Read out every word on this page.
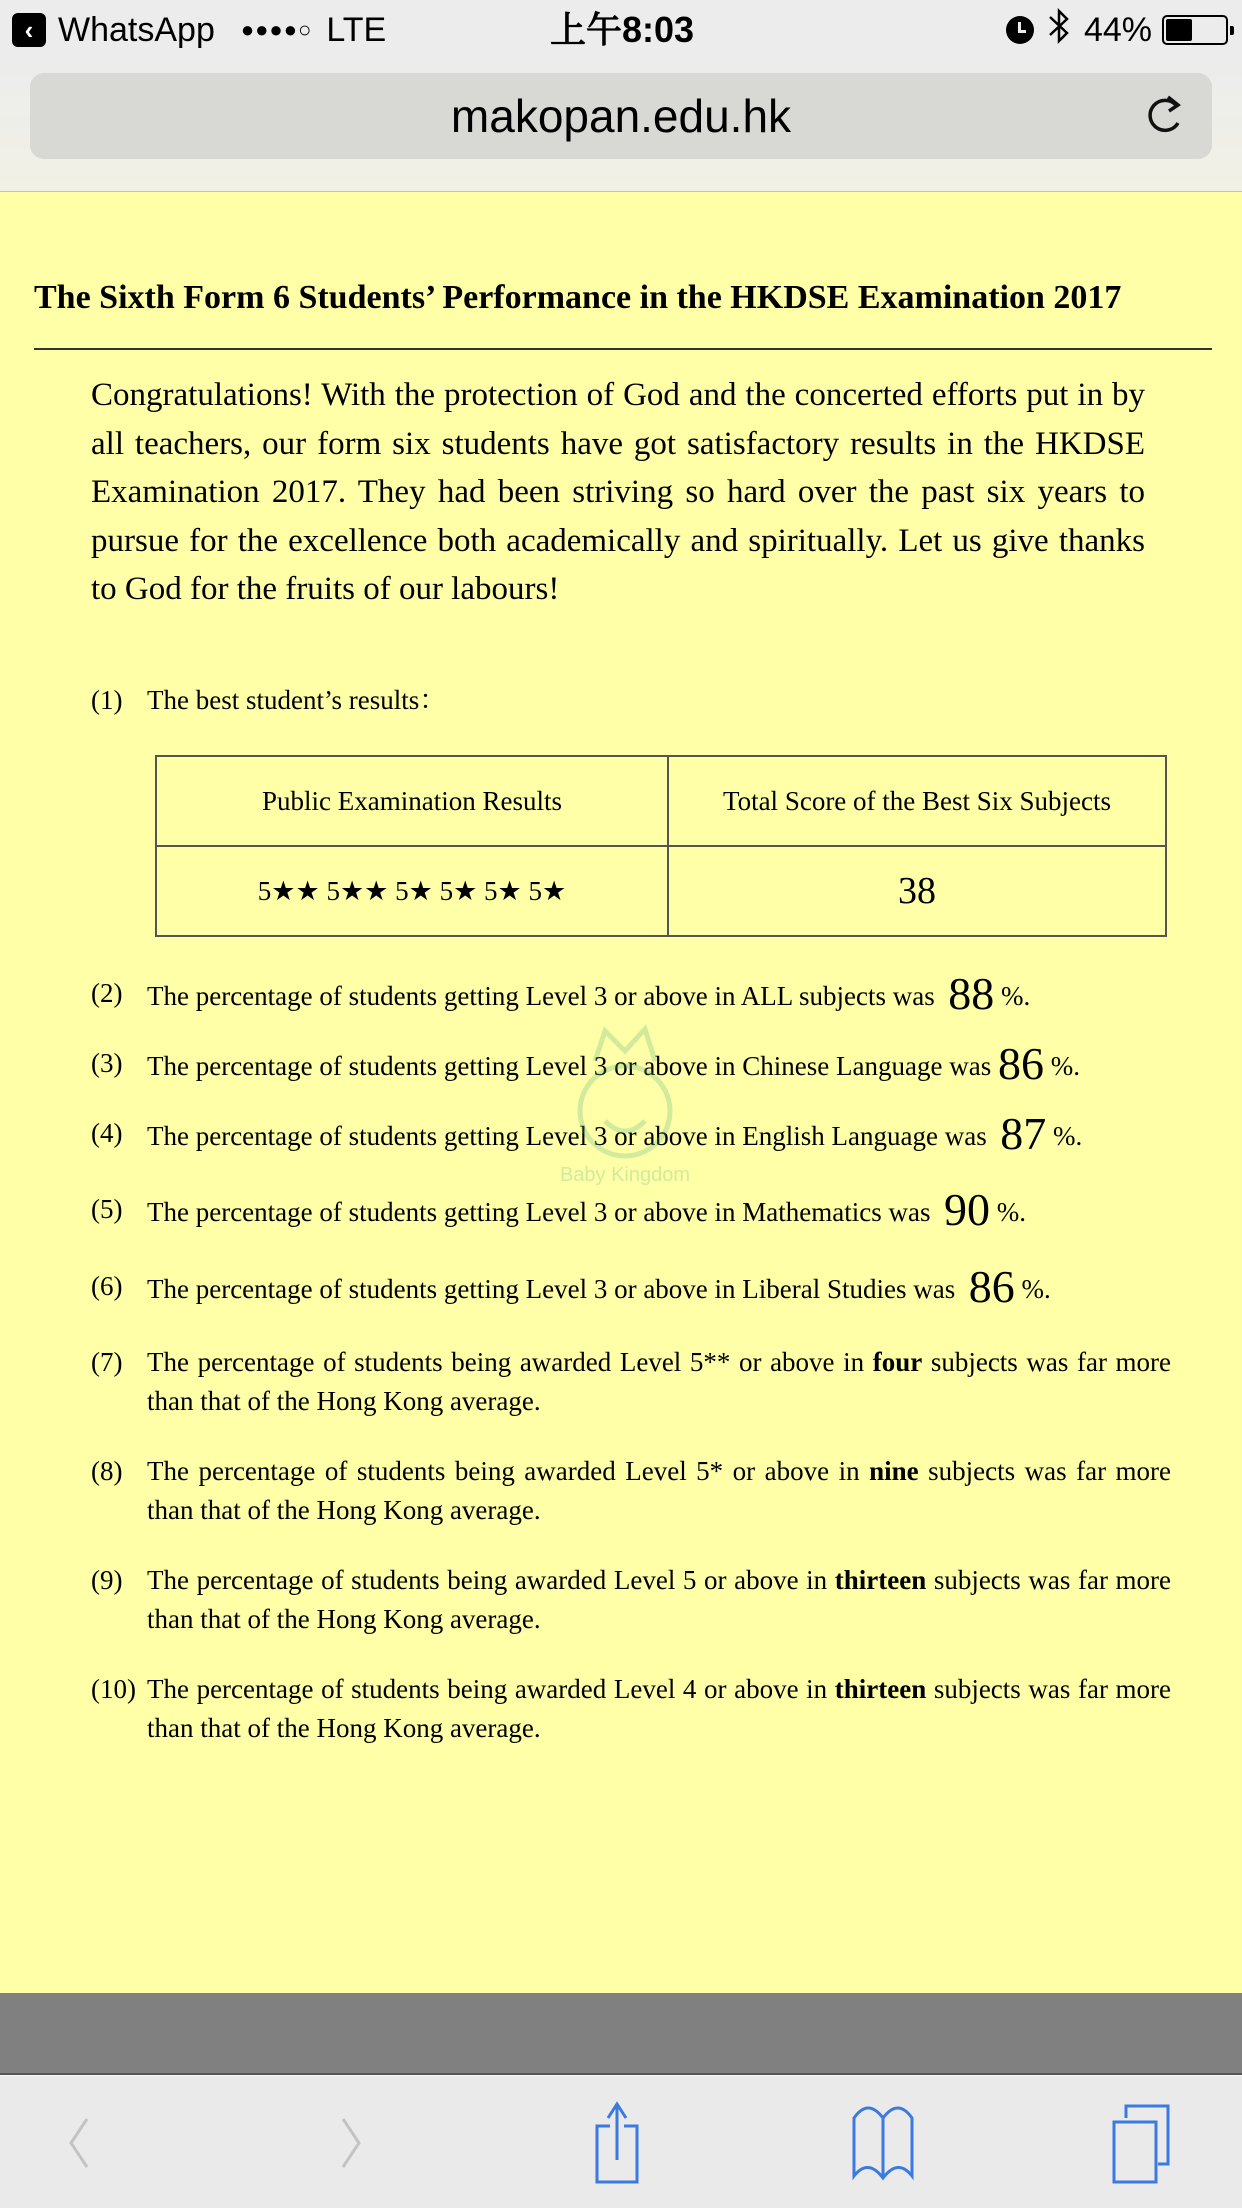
‹ WhatsApp ●●●●○ LTE	上午8:03	44%
makopan.edu.hk
The Sixth Form 6 Students’ Performance in the HKDSE Examination 2017

Congratulations! With the protection of God and the concerted efforts put in by all teachers, our form six students have got satisfactory results in the HKDSE Examination 2017. They had been striving so hard over the past six years to pursue for the excellence both academically and spiritually. Let us give thanks to God for the fruits of our labours!

(1) The best student’s results：
Public Examination Results	Total Score of the Best Six Subjects
5★★ 5★★ 5★ 5★ 5★ 5★	38
(2) The percentage of students getting Level 3 or above in ALL subjects was 88 %.
(3) The percentage of students getting Level 3 or above in Chinese Language was 86 %.
(4) The percentage of students getting Level 3 or above in English Language was 87 %.
(5) The percentage of students getting Level 3 or above in Mathematics was 90 %.
(6) The percentage of students getting Level 3 or above in Liberal Studies was 86 %.
(7) The percentage of students being awarded Level 5** or above in four subjects was far more than that of the Hong Kong average.
(8) The percentage of students being awarded Level 5* or above in nine subjects was far more than that of the Hong Kong average.
(9) The percentage of students being awarded Level 5 or above in thirteen subjects was far more than that of the Hong Kong average.
(10) The percentage of students being awarded Level 4 or above in thirteen subjects was far more than that of the Hong Kong average.
Baby Kingdom
